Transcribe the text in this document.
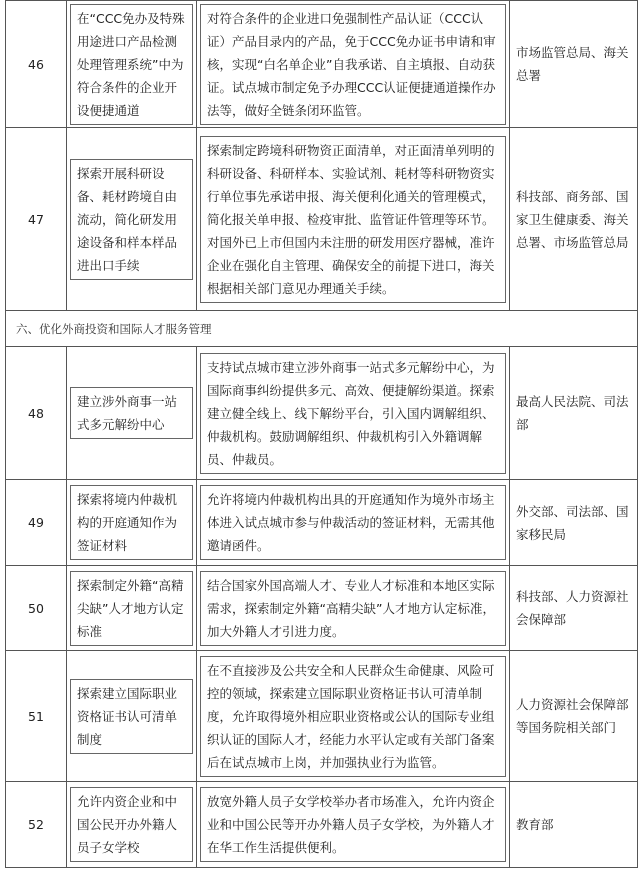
46	在“CCC免办及特殊用途进口产品检测处理管理系统”中为符合条件的企业开设便捷通道	对符合条件的企业进口免强制性产品认证（CCC认证）产品目录内的产品，免于CCC免办证书申请和审核，实现“白名单企业”自我承诺、自主填报、自动获证。试点城市制定免予办理CCC认证便捷通道操作办法等，做好全链条闭环监管。	市场监管总局、海关总署

47	探索开展科研设备、耗材跨境自由流动，简化研发用途设备和样本样品进出口手续	探索制定跨境科研物资正面清单，对正面清单列明的科研设备、科研样本、实验试剂、耗材等科研物资实行单位事先承诺申报、海关便利化通关的管理模式，简化报关单申报、检疫审批、监管证件管理等环节。对国外已上市但国内未注册的研发用医疗器械，准许企业在强化自主管理、确保安全的前提下进口，海关根据相关部门意见办理通关手续。	科技部、商务部、国家卫生健康委、海关总署、市场监管总局

六、优化外商投资和国际人才服务管理			
48	建立涉外商事一站式多元解纷中心	支持试点城市建立涉外商事一站式多元解纷中心，为国际商事纠纷提供多元、高效、便捷解纷渠道。探索建立健全线上、线下解纷平台，引入国内调解组织、仲裁机构。鼓励调解组织、仲裁机构引入外籍调解员、仲裁员。	最高人民法院、司法部

49	探索将境内仲裁机构的开庭通知作为签证材料	允许将境内仲裁机构出具的开庭通知作为境外市场主体进入试点城市参与仲裁活动的签证材料，无需其他邀请函件。	外交部、司法部、国家移民局

50	探索制定外籍“高精尖缺”人才地方认定标准	结合国家外国高端人才、专业人才标准和本地区实际需求，探索制定外籍“高精尖缺”人才地方认定标准，加大外籍人才引进力度。	科技部、人力资源社会保障部

51	探索建立国际职业资格证书认可清单制度	在不直接涉及公共安全和人民群众生命健康、风险可控的领域，探索建立国际职业资格证书认可清单制度，允许取得境外相应职业资格或公认的国际专业组织认证的国际人才，经能力水平认定或有关部门备案后在试点城市上岗，并加强执业行为监管。	人力资源社会保障部等国务院相关部门

52	允许内资企业和中国公民开办外籍人员子女学校	放宽外籍人员子女学校举办者市场准入，允许内资企业和中国公民等开办外籍人员子女学校，为外籍人才在华工作生活提供便利。	教育部
